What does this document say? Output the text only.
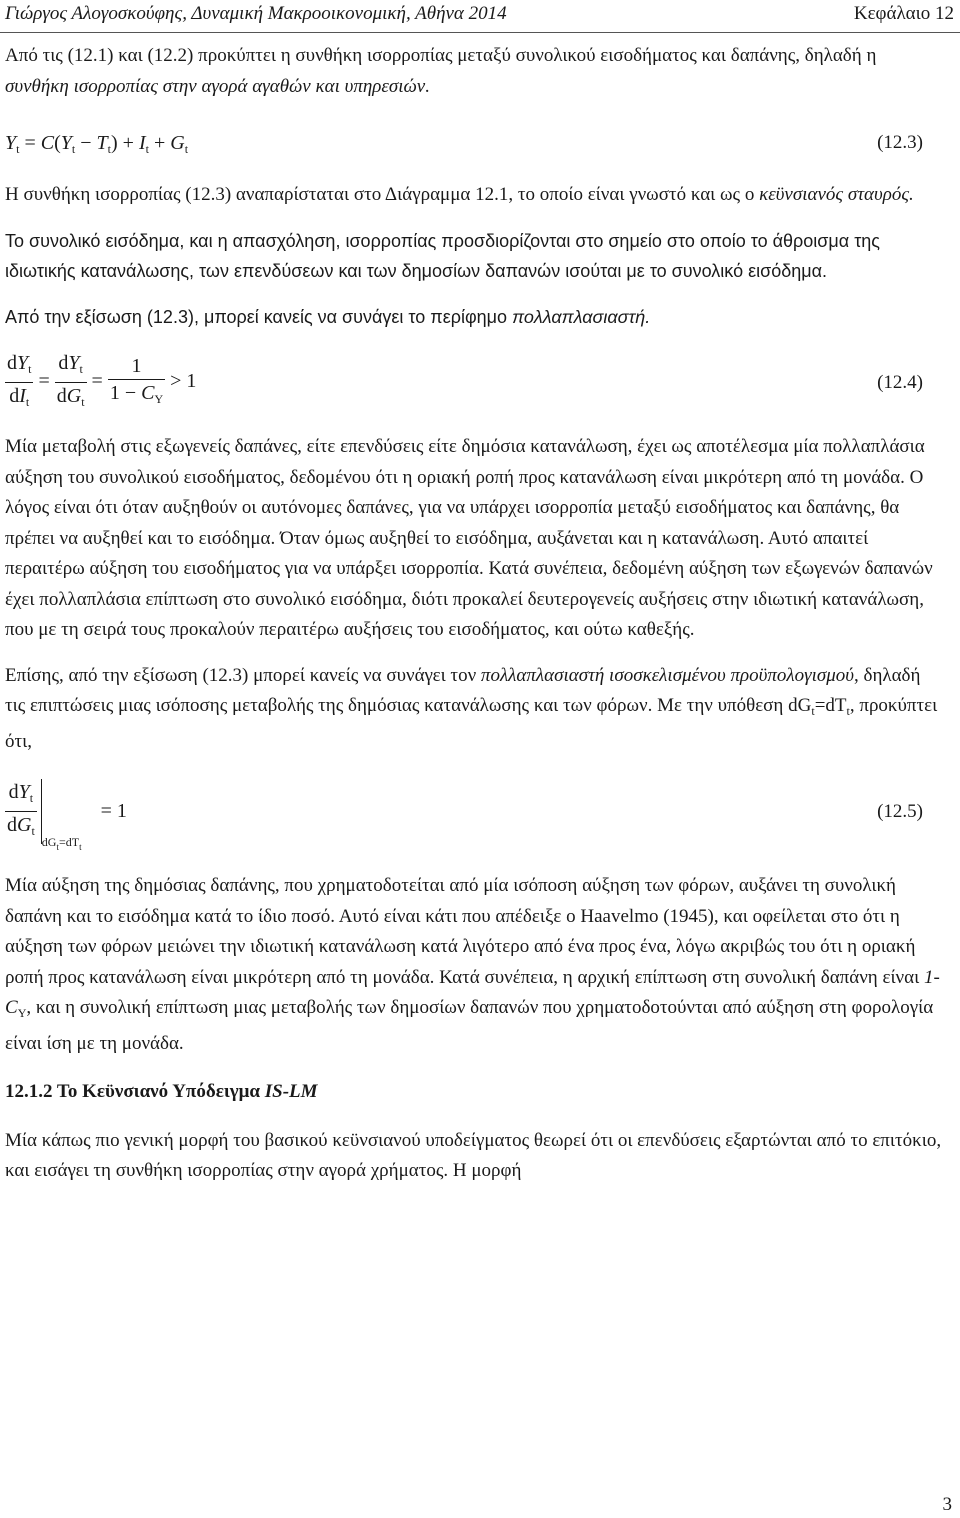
Γιώργος Αλογοσκούφης, Δυναμική Μακροοικονομική, Αθήνα 2014	Κεφάλαιο 12

Από τις (12.1) και (12.2) προκύπτει η συνθήκη ισορροπίας μεταξύ συνολικού εισοδήματος και δαπάνης, δηλαδή η συνθήκη ισορροπίας στην αγορά αγαθών και υπηρεσιών.

$Y_t = C(Y_t - T_t) + I_t + G_t$	(12.3)

Η συνθήκη ισορροπίας (12.3) αναπαρίσταται στο Διάγραμμα 12.1, το οποίο είναι γνωστό και ως ο κεϋνσιανός σταυρός.

Το συνολικό εισόδημα, και η απασχόληση, ισορροπίας προσδιορίζονται στο σημείο στο οποίο το άθροισμα της ιδιωτικής κατανάλωσης, των επενδύσεων και των δημοσίων δαπανών ισούται με το συνολικό εισόδημα.

Από την εξίσωση (12.3), μπορεί κανείς να συνάγει το περίφημο πολλαπλασιαστή.

$\frac{dY_t}{dI_t} = \frac{dY_t}{dG_t} = \frac{1}{1 - C_Y} > 1$	(12.4)

Μία μεταβολή στις εξωγενείς δαπάνες, είτε επενδύσεις είτε δημόσια κατανάλωση, έχει ως αποτέλεσμα μία πολλαπλάσια αύξηση του συνολικού εισοδήματος, δεδομένου ότι η οριακή ροπή προς κατανάλωση είναι μικρότερη από τη μονάδα. Ο λόγος είναι ότι όταν αυξηθούν οι αυτόνομες δαπάνες, για να υπάρχει ισορροπία μεταξύ εισοδήματος και δαπάνης, θα πρέπει να αυξηθεί και το εισόδημα. Όταν όμως αυξηθεί το εισόδημα, αυξάνεται και η κατανάλωση. Αυτό απαιτεί περαιτέρω αύξηση του εισοδήματος για να υπάρξει ισορροπία. Κατά συνέπεια, δεδομένη αύξηση των εξωγενών δαπανών έχει πολλαπλάσια επίπτωση στο συνολικό εισόδημα, διότι προκαλεί δευτερογενείς αυξήσεις στην ιδιωτική κατανάλωση, που με τη σειρά τους προκαλούν περαιτέρω αυξήσεις του εισοδήματος, και ούτω καθεξής.

Επίσης, από την εξίσωση (12.3) μπορεί κανείς να συνάγει τον πολλαπλασιαστή ισοσκελισμένου προϋπολογισμού, δηλαδή τις επιπτώσεις μιας ισόποσης μεταβολής της δημόσιας κατανάλωσης και των φόρων. Με την υπόθεση $dG_t=dT_t$, προκύπτει ότι,

$\frac{dY_t}{dG_t} dG_t=dT_t = 1$	(12.5)

Μία αύξηση της δημόσιας δαπάνης, που χρηματοδοτείται από μία ισόποση αύξηση των φόρων, αυξάνει τη συνολική δαπάνη και το εισόδημα κατά το ίδιο ποσό. Αυτό είναι κάτι που απέδειξε ο Haavelmo (1945), και οφείλεται στο ότι η αύξηση των φόρων μειώνει την ιδιωτική κατανάλωση κατά λιγότερο από ένα προς ένα, λόγω ακριβώς του ότι η οριακή ροπή προς κατανάλωση είναι μικρότερη από τη μονάδα. Κατά συνέπεια, η αρχική επίπτωση στη συνολική δαπάνη είναι $1-C_Y$, και η συνολική επίπτωση μιας μεταβολής των δημοσίων δαπανών που χρηματοδοτούνται από αύξηση στη φορολογία είναι ίση με τη μονάδα.

12.1.2 Το Κεϋνσιανό Υπόδειγμα IS-LM

Μία κάπως πιο γενική μορφή του βασικού κεϋνσιανού υποδείγματος θεωρεί ότι οι επενδύσεις εξαρτώνται από το επιτόκιο, και εισάγει τη συνθήκη ισορροπίας στην αγορά χρήματος. Η μορφή

3
